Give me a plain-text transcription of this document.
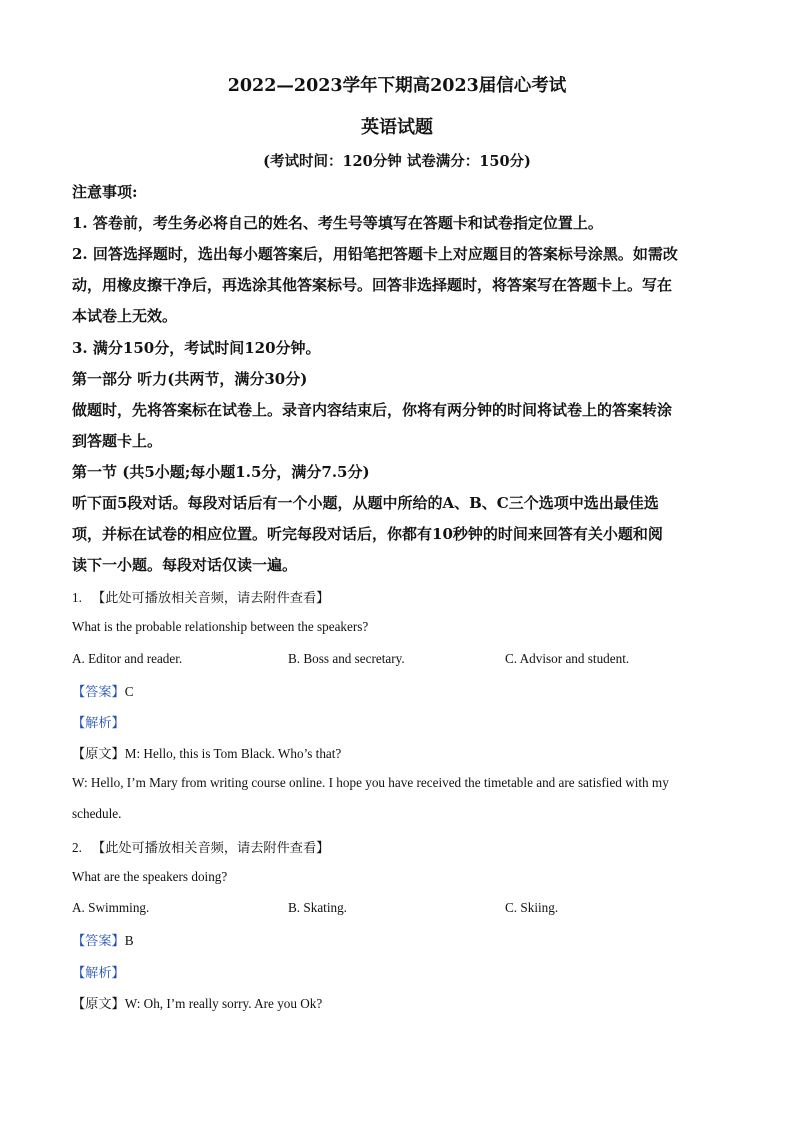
2022—2023学年下期高2023届信心考试
英语试题
(考试时间：120分钟 试卷满分：150分)
注意事项:
1. 答卷前，考生务必将自己的姓名、考生号等填写在答题卡和试卷指定位置上。
2. 回答选择题时，选出每小题答案后，用铅笔把答题卡上对应题目的答案标号涂黑。如需改
动，用橡皮擦干净后，再选涂其他答案标号。回答非选择题时，将答案写在答题卡上。写在
本试卷上无效。
3. 满分150分，考试时间120分钟。
第一部分 听力(共两节，满分30分)
做题时，先将答案标在试卷上。录音内容结束后，你将有两分钟的时间将试卷上的答案转涂
到答题卡上。
第一节 (共5小题;每小题1.5分，满分7.5分)
听下面5段对话。每段对话后有一个小题，从题中所给的A、B、C三个选项中选出最佳选
项，并标在试卷的相应位置。听完每段对话后，你都有10秒钟的时间来回答有关小题和阅
读下一小题。每段对话仅读一遍。
1. 【此处可播放相关音频，请去附件查看】
What is the probable relationship between the speakers?
A. Editor and reader.	B. Boss and secretary.	C. Advisor and student.
【答案】C
【解析】
【原文】M: Hello, this is Tom Black. Who’s that?
W: Hello, I’m Mary from writing course online. I hope you have received the timetable and are satisfied with my
schedule.
2. 【此处可播放相关音频，请去附件查看】
What are the speakers doing?
A. Swimming.	B. Skating.	C. Skiing.
【答案】B
【解析】
【原文】W: Oh, I’m really sorry. Are you Ok?
